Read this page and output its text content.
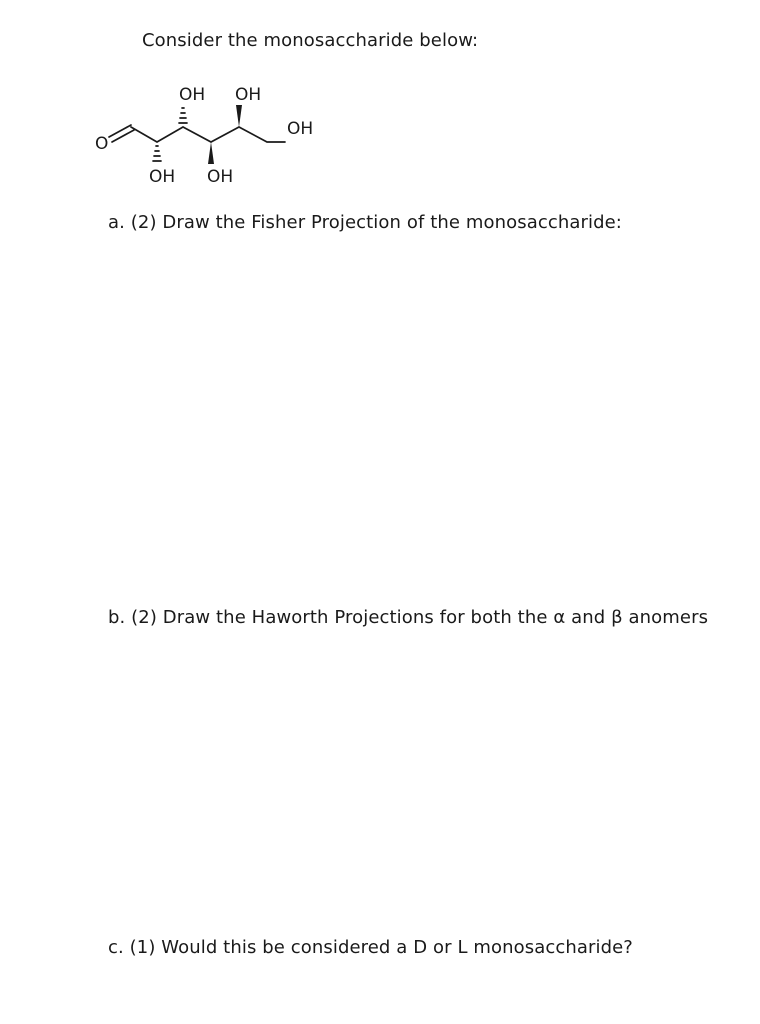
Consider the monosaccharide below:
O
OH OH
OH
OH OH
a. (2) Draw the Fisher Projection of the monosaccharide:
b. (2) Draw the Haworth Projections for both the α and β anomers
c. (1) Would this be considered a D or L monosaccharide?
